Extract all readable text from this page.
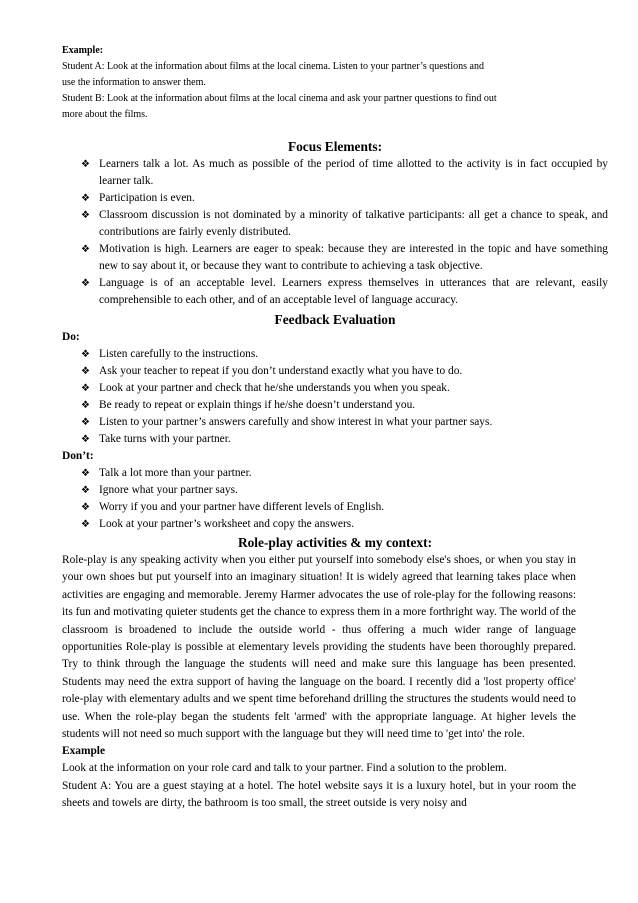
Example:
Student A: Look at the information about films at the local cinema. Listen to your partner’s questions and
use the information to answer them.
Student B: Look at the information about films at the local cinema and ask your partner questions to find out
more about the films.
Focus Elements:
❖ Learners talk a lot. As much as possible of the period of time allotted to the activity is in fact occupied by learner talk.
❖ Participation is even.
❖ Classroom discussion is not dominated by a minority of talkative participants: all get a chance to speak, and contributions are fairly evenly distributed.
❖ Motivation is high. Learners are eager to speak: because they are interested in the topic and have something new to say about it, or because they want to contribute to achieving a task objective.
❖ Language is of an acceptable level. Learners express themselves in utterances that are relevant, easily comprehensible to each other, and of an acceptable level of language accuracy.
Feedback Evaluation
Do:
❖ Listen carefully to the instructions.
❖ Ask your teacher to repeat if you don’t understand exactly what you have to do.
❖ Look at your partner and check that he/she understands you when you speak.
❖ Be ready to repeat or explain things if he/she doesn’t understand you.
❖ Listen to your partner’s answers carefully and show interest in what your partner says.
❖ Take turns with your partner.
Don’t:
❖ Talk a lot more than your partner.
❖ Ignore what your partner says.
❖ Worry if you and your partner have different levels of English.
❖ Look at your partner’s worksheet and copy the answers.
Role-play activities & my context:

Role-play is any speaking activity when you either put yourself into somebody else's shoes, or when you stay in your own shoes but put yourself into an imaginary situation! It is widely agreed that learning takes place when activities are engaging and memorable. Jeremy Harmer advocates the use of role-play for the following reasons: its fun and motivating quieter students get the chance to express them in a more forthright way. The world of the classroom is broadened to include the outside world - thus offering a much wider range of language opportunities Role-play is possible at elementary levels providing the students have been thoroughly prepared. Try to think through the language the students will need and make sure this language has been presented. Students may need the extra support of having the language on the board. I recently did a 'lost property office' role-play with elementary adults and we spent time beforehand drilling the structures the students would need to use. When the role-play began the students felt 'armed' with the appropriate language. At higher levels the students will not need so much support with the language but they will need time to 'get into' the role.

Example

Look at the information on your role card and talk to your partner. Find a solution to the problem.

Student A: You are a guest staying at a hotel. The hotel website says it is a luxury hotel, but in your room the sheets and towels are dirty, the bathroom is too small, the street outside is very noisy and
